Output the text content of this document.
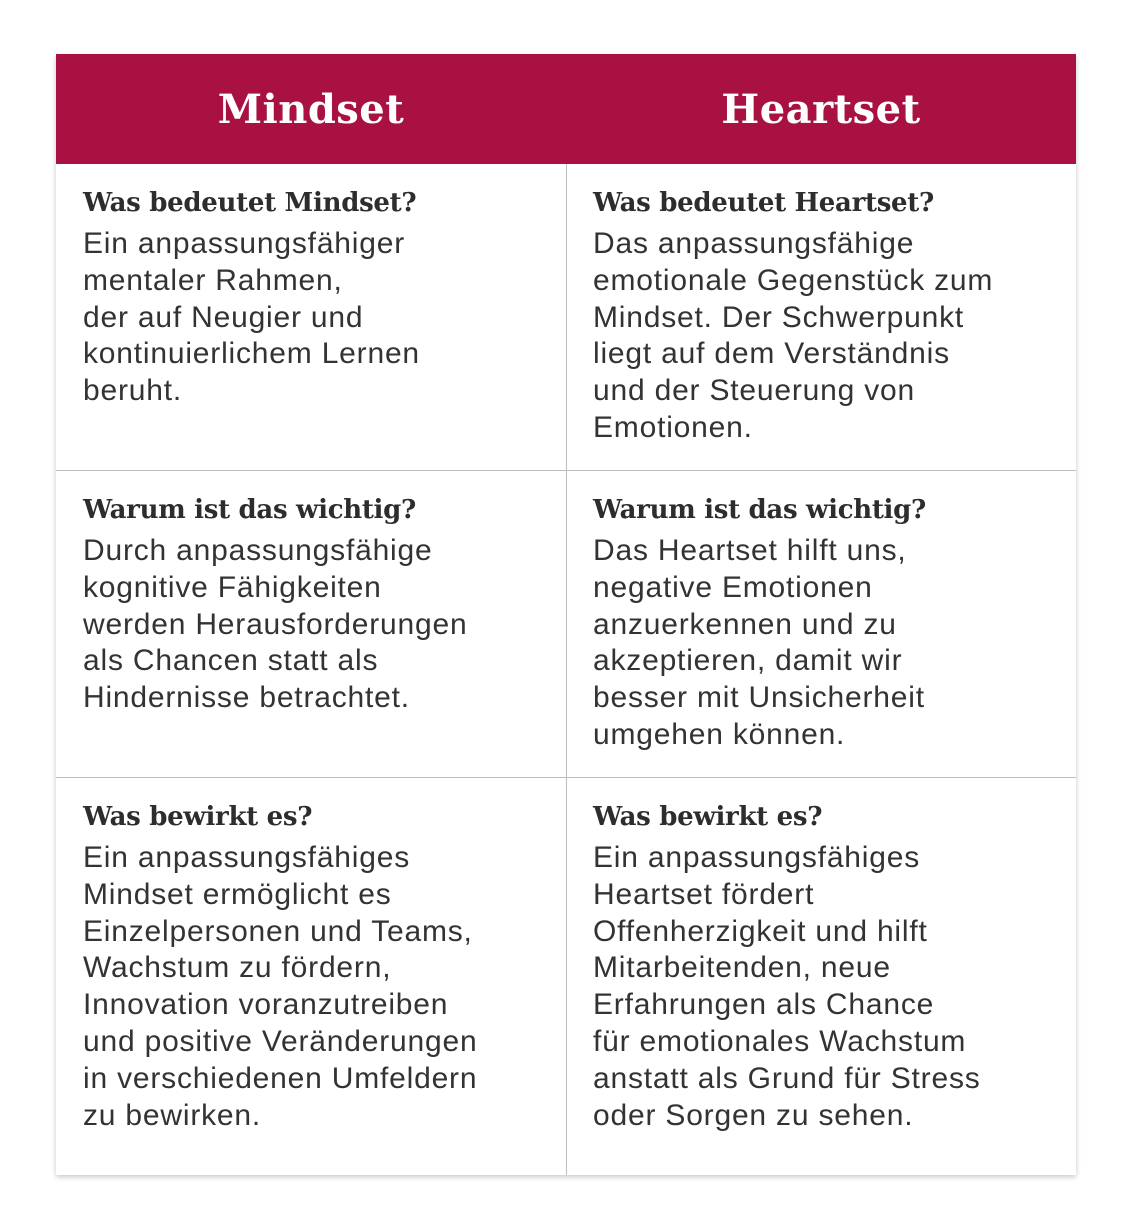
Mindset	Heartset
Was bedeutet Mindset?

Ein anpassungsfähiger
mentaler Rahmen,
der auf Neugier und
kontinuierlichem Lernen
beruht.

Was bedeutet Heartset?

Das anpassungsfähige
emotionale Gegenstück zum
Mindset. Der Schwerpunkt
liegt auf dem Verständnis
und der Steuerung von
Emotionen.

Warum ist das wichtig?

Durch anpassungsfähige
kognitive Fähigkeiten
werden Herausforderungen
als Chancen statt als
Hindernisse betrachtet.

Warum ist das wichtig?

Das Heartset hilft uns,
negative Emotionen
anzuerkennen und zu
akzeptieren, damit wir
besser mit Unsicherheit
umgehen können.

Was bewirkt es?

Ein anpassungsfähiges
Mindset ermöglicht es
Einzelpersonen und Teams,
Wachstum zu fördern,
Innovation voranzutreiben
und positive Veränderungen
in verschiedenen Umfeldern
zu bewirken.

Was bewirkt es?

Ein anpassungsfähiges
Heartset fördert
Offenherzigkeit und hilft
Mitarbeitenden, neue
Erfahrungen als Chance
für emotionales Wachstum
anstatt als Grund für Stress
oder Sorgen zu sehen.
